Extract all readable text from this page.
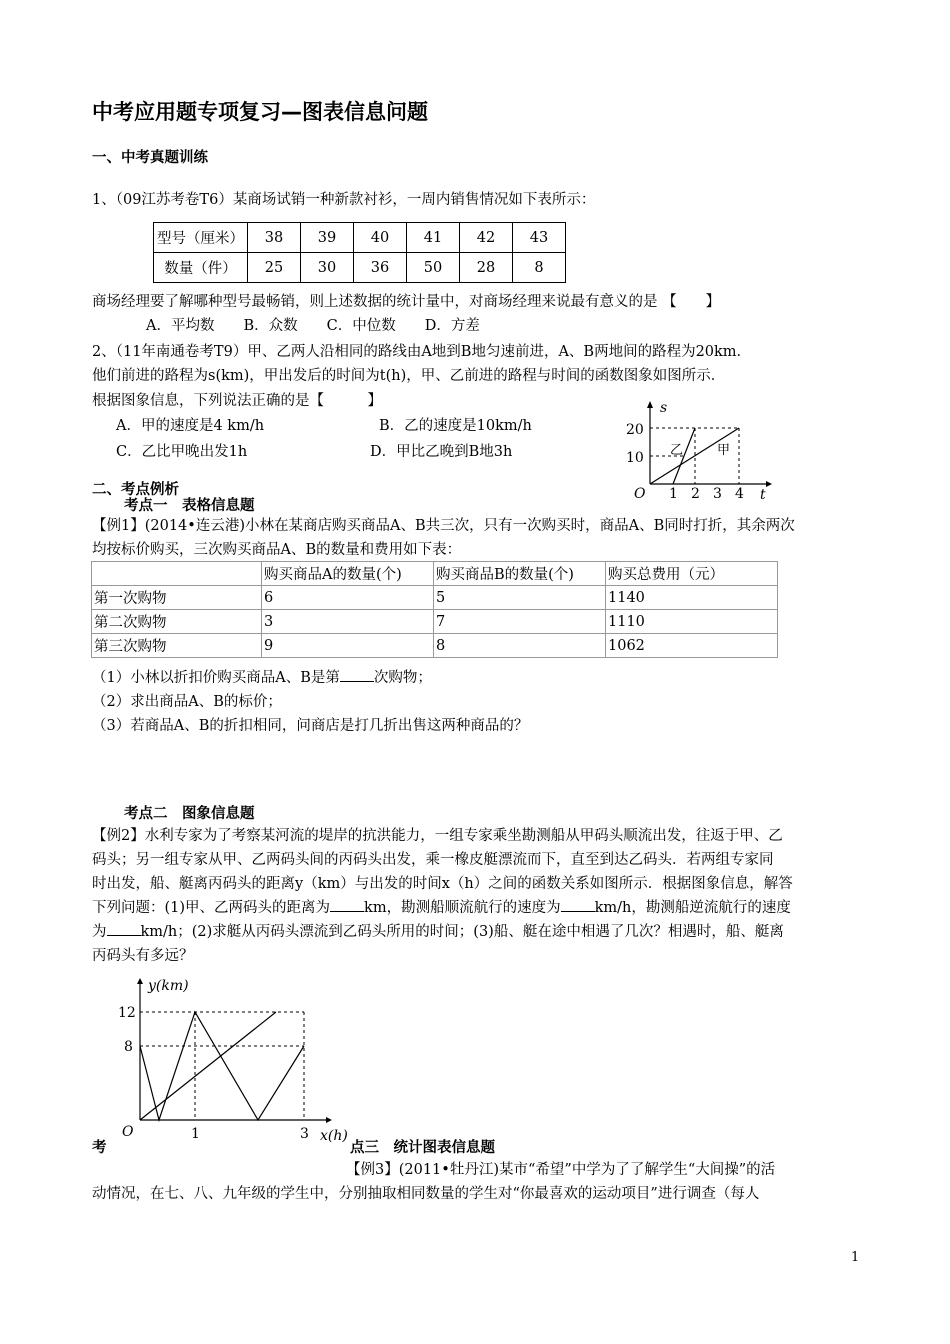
中考应用题专项复习—图表信息问题
一、中考真题训练
1、（09江苏考卷T6）某商场试销一种新款衬衫，一周内销售情况如下表所示：
型号（厘米）	38	39	40	41	42	43
数量（件）	25	30	36	50	28	8
商场经理要了解哪种型号最畅销，则上述数据的统计量中，对商场经理来说最有意义的是 【　　】
A．平均数　　B．众数　　C．中位数　　D．方差
2、（11年南通卷考T9）甲、乙两人沿相同的路线由A地到B地匀速前进，A、B两地间的路程为20km．
他们前进的路程为s(km)，甲出发后的时间为t(h)，甲、乙前进的路程与时间的函数图象如图所示．
根据图象信息，下列说法正确的是【　　　】
A．甲的速度是4 km/h	B．乙的速度是10km/h
C．乙比甲晚出发1h	D．甲比乙晚到B地3h
s
t
O
20
10
1 2 3 4
乙	甲
二、考点例析
考点一　表格信息题
【例1】(2014•连云港)小林在某商店购买商品A、B共三次，只有一次购买时，商品A、B同时打折，其余两次
均按标价购买，三次购买商品A、B的数量和费用如下表：
	购买商品A的数量(个)	购买商品B的数量(个)	购买总费用（元）
第一次购物	6	5	1140
第二次购物	3	7	1110
第三次购物	9	8	1062
（1）小林以折扣价购买商品A、B是第 次购物；
（2）求出商品A、B的标价；
（3）若商品A、B的折扣相同，问商店是打几折出售这两种商品的？
考点二　图象信息题
【例2】水利专家为了考察某河流的堤岸的抗洪能力，一组专家乘坐勘测船从甲码头顺流出发，往返于甲、乙
码头；另一组专家从甲、乙两码头间的丙码头出发，乘一橡皮艇漂流而下，直至到达乙码头．若两组专家同
时出发，船、艇离丙码头的距离y（km）与出发的时间x（h）之间的函数关系如图所示．根据图象信息，解答
下列问题：(1)甲、乙两码头的距离为 km，勘测船顺流航行的速度为 km/h，勘测船逆流航行的速度
为 km/h；(2)求艇从丙码头漂流到乙码头所用的时间；(3)船、艇在途中相遇了几次？相遇时，船、艇离
丙码头有多远？
y(km)
x(h)
O
12
8
1	3
考	点三　统计图表信息题
【例3】(2011•牡丹江)某市“希望”中学为了了解学生“大间操”的活
动情况，在七、八、九年级的学生中，分别抽取相同数量的学生对“你最喜欢的运动项目”进行调查（每人
1
